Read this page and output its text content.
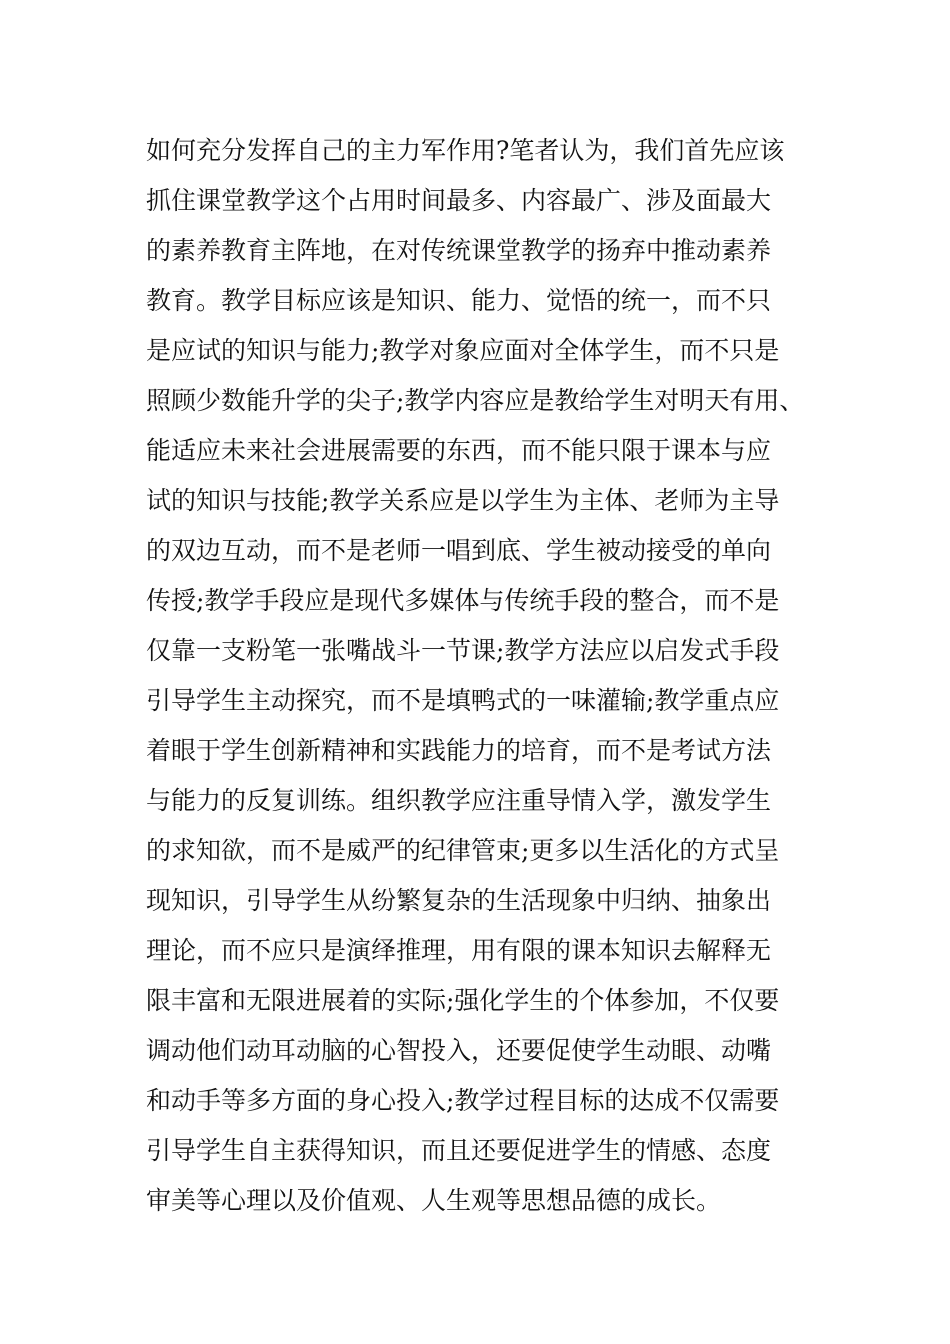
如何充分发挥自己的主力军作用?笔者认为，我们首先应该
抓住课堂教学这个占用时间最多、内容最广、涉及面最大
的素养教育主阵地，在对传统课堂教学的扬弃中推动素养
教育。教学目标应该是知识、能力、觉悟的统一，而不只
是应试的知识与能力;教学对象应面对全体学生，而不只是
照顾少数能升学的尖子;教学内容应是教给学生对明天有用、
能适应未来社会进展需要的东西，而不能只限于课本与应
试的知识与技能;教学关系应是以学生为主体、老师为主导
的双边互动，而不是老师一唱到底、学生被动接受的单向
传授;教学手段应是现代多媒体与传统手段的整合，而不是
仅靠一支粉笔一张嘴战斗一节课;教学方法应以启发式手段
引导学生主动探究，而不是填鸭式的一味灌输;教学重点应
着眼于学生创新精神和实践能力的培育，而不是考试方法
与能力的反复训练。组织教学应注重导情入学，激发学生
的求知欲，而不是威严的纪律管束;更多以生活化的方式呈
现知识，引导学生从纷繁复杂的生活现象中归纳、抽象出
理论，而不应只是演绎推理，用有限的课本知识去解释无
限丰富和无限进展着的实际;强化学生的个体参加，不仅要
调动他们动耳动脑的心智投入，还要促使学生动眼、动嘴
和动手等多方面的身心投入;教学过程目标的达成不仅需要
引导学生自主获得知识，而且还要促进学生的情感、态度
审美等心理以及价值观、人生观等思想品德的成长。
